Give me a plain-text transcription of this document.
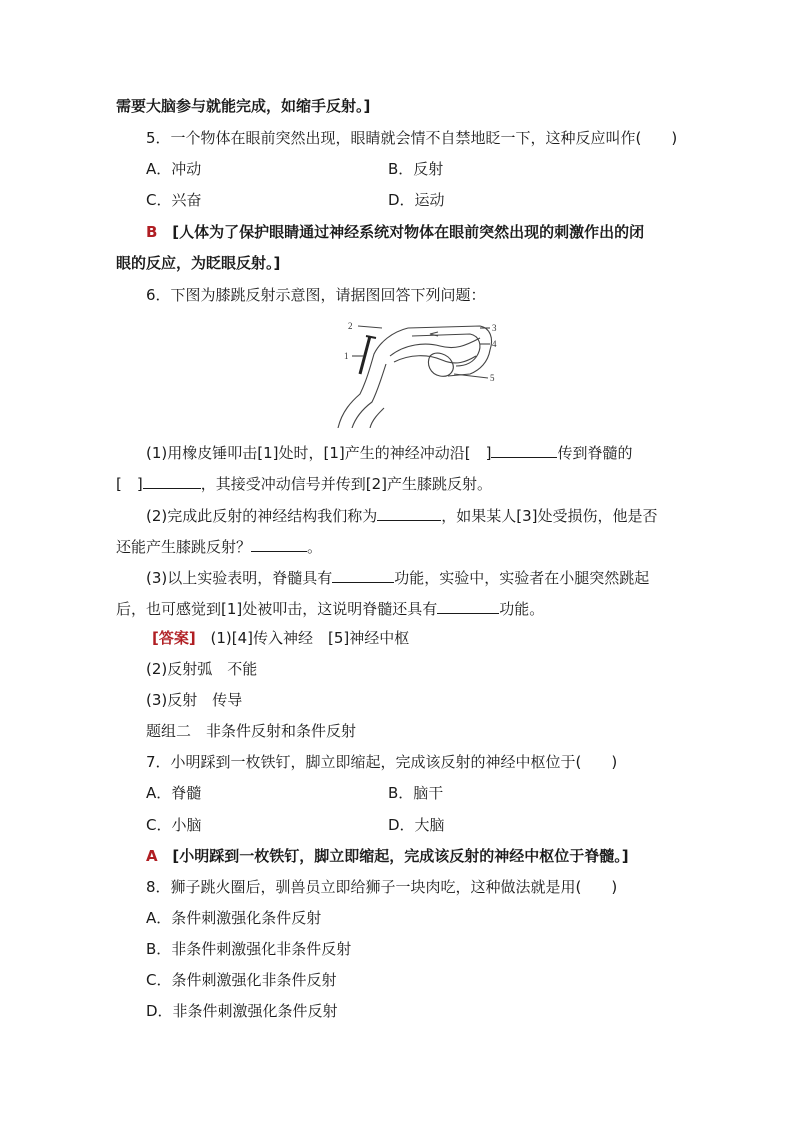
需要大脑参与就能完成，如缩手反射。]
5．一个物体在眼前突然出现，眼睛就会情不自禁地眨一下，这种反应叫作(　　)
A．冲动	B．反射
C．兴奋	D．运动
B [人体为了保护眼睛通过神经系统对物体在眼前突然出现的刺激作出的闭
眼的反应，为眨眼反射。]
6．下图为膝跳反射示意图，请据图回答下列问题：
1
2	3
4
5
(1)用橡皮锤叩击[1]处时，[1]产生的神经冲动沿[　]	传到脊髓的
[　]	，其接受冲动信号并传到[2]产生膝跳反射。
(2)完成此反射的神经结构我们称为	，如果某人[3]处受损伤，他是否
还能产生膝跳反射？	。
(3)以上实验表明，脊髓具有	功能，实验中，实验者在小腿突然跳起
后，也可感觉到[1]处被叩击，这说明脊髓还具有	功能。
[答案] (1)[4]传入神经　[5]神经中枢
(2)反射弧　不能
(3)反射　传导
题组二　非条件反射和条件反射
7．小明踩到一枚铁钉，脚立即缩起，完成该反射的神经中枢位于(　　)
A．脊髓	B．脑干
C．小脑	D．大脑
A [小明踩到一枚铁钉，脚立即缩起，完成该反射的神经中枢位于脊髓。]
8．狮子跳火圈后，驯兽员立即给狮子一块肉吃，这种做法就是用(　　)
A．条件刺激强化条件反射
B．非条件刺激强化非条件反射
C．条件刺激强化非条件反射
D．非条件刺激强化条件反射
